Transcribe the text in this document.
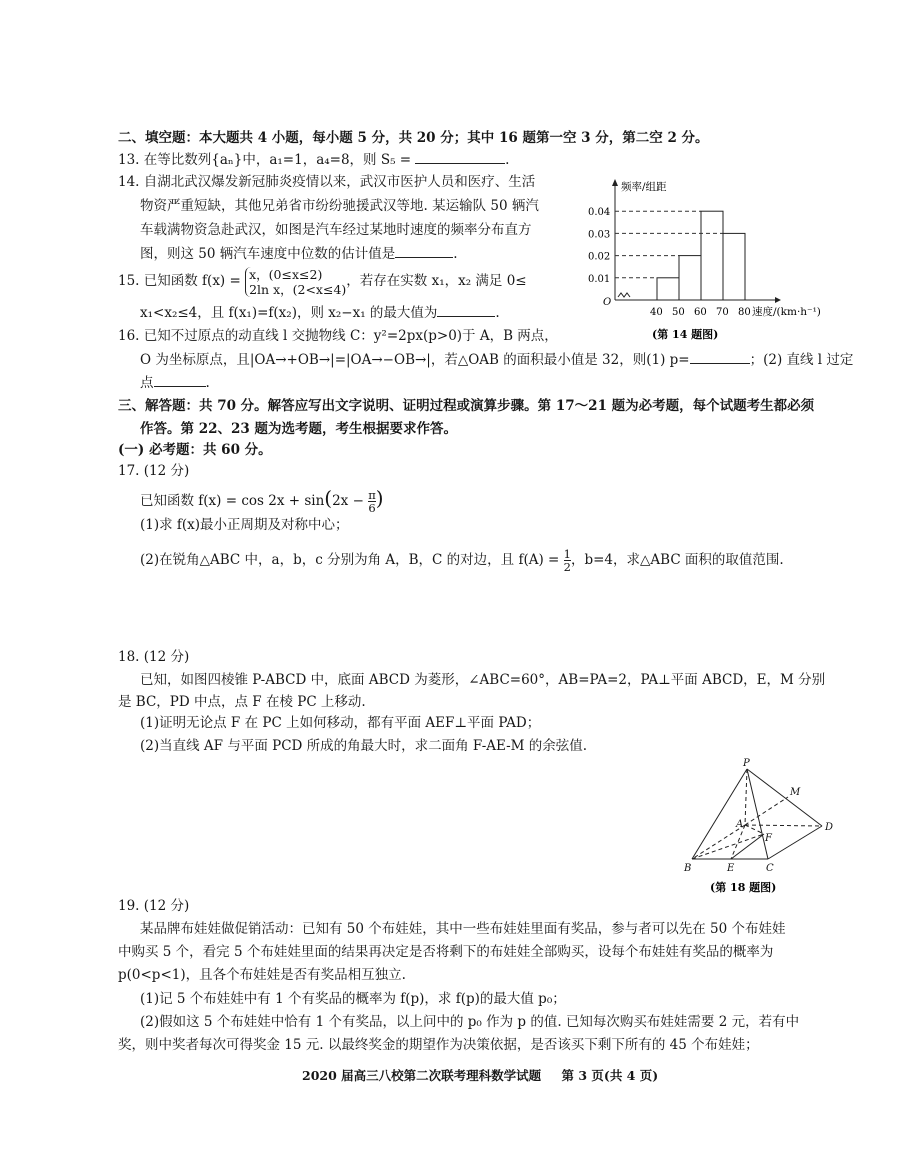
二、填空题：本大题共 4 小题，每小题 5 分，共 20 分；其中 16 题第一空 3 分，第二空 2 分。
13. 在等比数列{aₙ}中，a₁=1，a₄=8，则 S₅ =	.
14. 自湖北武汉爆发新冠肺炎疫情以来，武汉市医护人员和医疗、生活
物资严重短缺，其他兄弟省市纷纷驰援武汉等地. 某运输队 50 辆汽
车载满物资急赴武汉，如图是汽车经过某地时速度的频率分布直方
图，则这 50 辆汽车速度中位数的估计值是	.
15. 已知函数 f(x) = x，(0≤x≤2)
2ln x，(2<x≤4)，若存在实数 x₁，x₂ 满足 0≤
x₁<x₂≤4，且 f(x₁)=f(x₂)，则 x₂−x₁ 的最大值为	.
16. 已知不过原点的动直线 l 交抛物线 C：y²=2px(p>0)于 A，B 两点，
O 为坐标原点，且|OA→+OB→|=|OA→−OB→|，若△OAB 的面积最小值是 32，则(1) p=	；(2) 直线 l 过定
点	.
O
频率/组距
速度/(km·h⁻¹)
0.01
0.02
0.03
0.04
40 50 60 70 80
(第 14 题图)
三、解答题：共 70 分。解答应写出文字说明、证明过程或演算步骤。第 17～21 题为必考题，每个试题考生都必须
作答。第 22、23 题为选考题，考生根据要求作答。
(一) 必考题：共 60 分。
17. (12 分)
已知函数 $f(x) = \cos 2x + \sin(2x - \frac{\pi}{6}$ )
(1)求 f(x)最小正周期及对称中心；
(2)在锐角△ABC 中，a，b，c 分别为角 A，B，C 的对边，且 $f(A) = \frac{1}{2}$ ，b=4，求△ABC 面积的取值范围.
18. (12 分)
已知，如图四棱锥 P-ABCD 中，底面 ABCD 为菱形，∠ABC=60°，AB=PA=2，PA⊥平面 ABCD，E，M 分别
是 BC，PD 中点，点 F 在棱 PC 上移动.
(1)证明无论点 F 在 PC 上如何移动，都有平面 AEF⊥平面 PAD；
(2)当直线 AF 与平面 PCD 所成的角最大时，求二面角 F-AE-M 的余弦值.
P
M
A	D
F
B	E	C
(第 18 题图)
19. (12 分)
某品牌布娃娃做促销活动：已知有 50 个布娃娃，其中一些布娃娃里面有奖品，参与者可以先在 50 个布娃娃
中购买 5 个，看完 5 个布娃娃里面的结果再决定是否将剩下的布娃娃全部购买，设每个布娃娃有奖品的概率为
p(0<p<1)，且各个布娃娃是否有奖品相互独立.
(1)记 5 个布娃娃中有 1 个有奖品的概率为 f(p)，求 f(p)的最大值 p₀；
(2)假如这 5 个布娃娃中恰有 1 个有奖品，以上问中的 p₀ 作为 p 的值. 已知每次购买布娃娃需要 2 元，若有中
奖，则中奖者每次可得奖金 15 元. 以最终奖金的期望作为决策依据，是否该买下剩下所有的 45 个布娃娃；
2020 届高三八校第二次联考理科数学试题 第 3 页(共 4 页)
